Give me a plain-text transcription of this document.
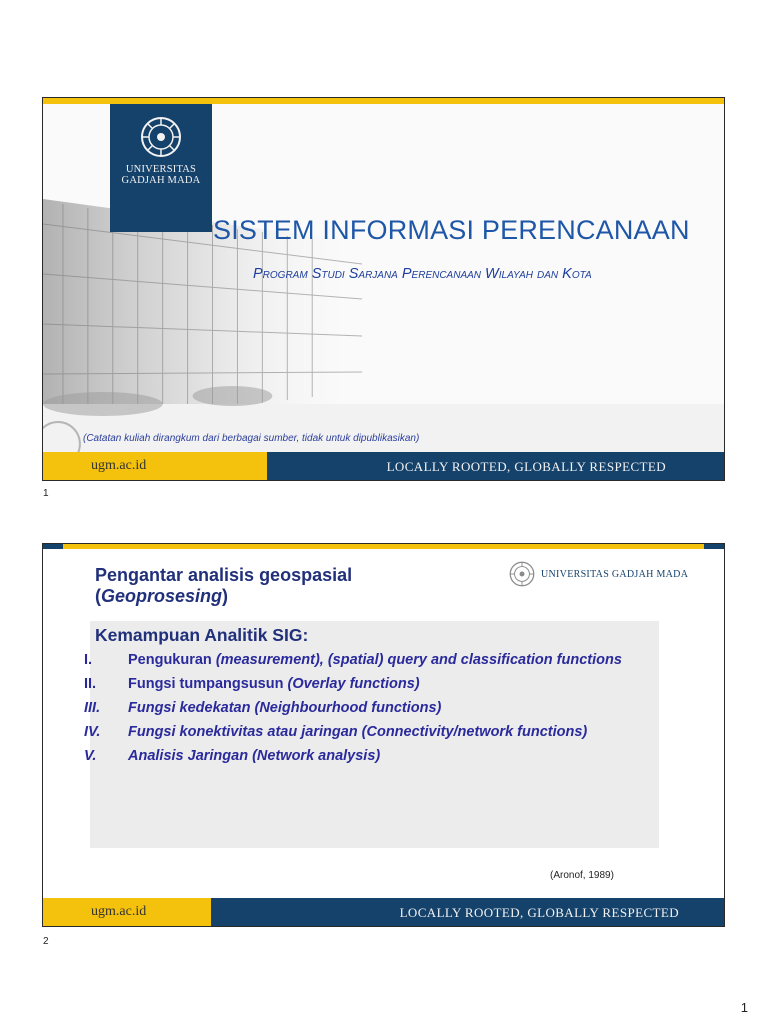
UNIVERSITAS
GADJAH MADA
SISTEM INFORMASI PERENCANAAN
Program Studi Sarjana Perencanaan Wilayah dan Kota
(Catatan kuliah dirangkum dari berbagai sumber, tidak untuk dipublikasikan)
ugm.ac.id	LOCALLY ROOTED, GLOBALLY RESPECTED
1
Pengantar analisis geospasial
(Geoprosesing)
UNIVERSITAS GADJAH MADA
Kemampuan Analitik SIG:
I.	Pengukuran (measurement), (spatial) query and classification functions
II.	Fungsi tumpangsusun (Overlay functions)
III.	Fungsi kedekatan (Neighbourhood functions)
IV.	Fungsi konektivitas atau jaringan (Connectivity/network functions)
V.	Analisis Jaringan (Network analysis)
(Aronof, 1989)
ugm.ac.id	LOCALLY ROOTED, GLOBALLY RESPECTED
2
1
